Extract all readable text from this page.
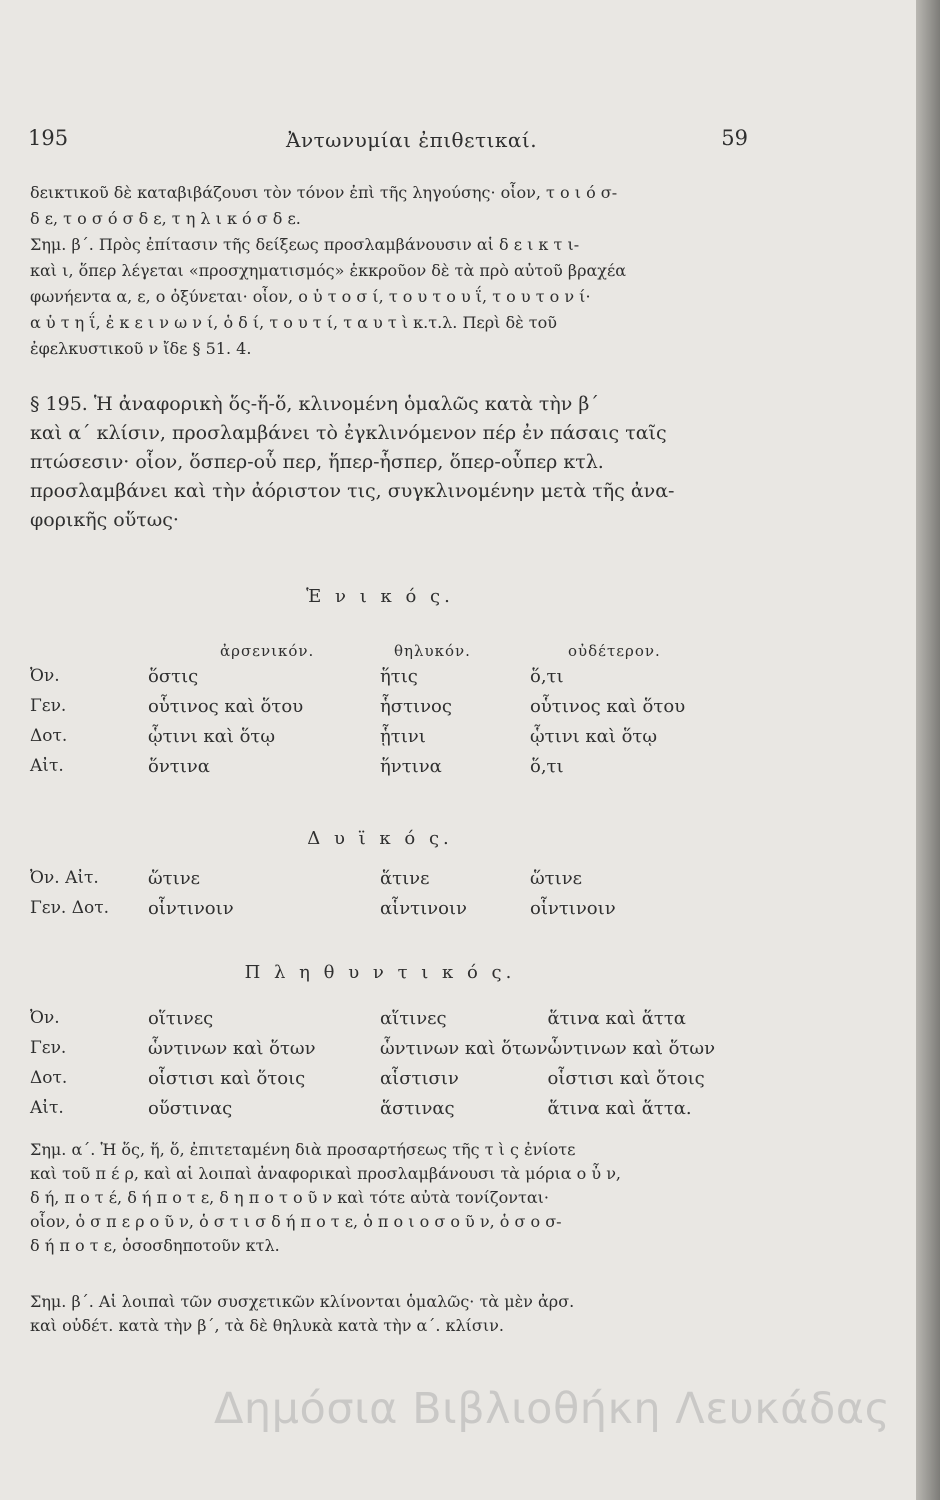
195	Ἀντωνυμίαι ἐπιθετικαί.	59

δεικτικοῦ δὲ καταβιβάζουσι τὸν τόνον ἐπὶ τῆς ληγούσης· οἷον, τ ο ι ό σ-

δ ε, τ ο σ ό σ δ ε, τ η λ ι κ ό σ δ ε.

Σημ. β΄. Πρὸς ἐπίτασιν τῆς δείξεως προσλαμβάνουσιν αἱ δ ε ι κ τ ι-

καὶ ι, ὅπερ λέγεται «προσχηματισμός» ἐκκροῦον δὲ τὰ πρὸ αὐτοῦ βραχέα

φωνήεντα α, ε, ο ὀξύνεται· οἷον, ο ὑ τ ο σ ί, τ ο υ τ ο υ ΐ, τ ο υ τ ο ν ί·

α ὑ τ η ΐ, ἐ κ ε ι ν ω ν ί, ὁ δ ί, τ ο υ τ ί, τ α υ τ ὶ κ.τ.λ. Περὶ δὲ τοῦ

ἐφελκυστικοῦ ν ἴδε § 51. 4.

§ 195. Ἡ ἀναφορικὴ ὅς-ἥ-ὅ, κλινομένη ὁμαλῶς κατὰ τὴν β΄

καὶ α΄ κλίσιν, προσλαμβάνει τὸ ἐγκλινόμενον πέρ ἐν πάσαις ταῖς

πτώσεσιν· οἷον, ὅσπερ-οὗ περ, ἥπερ-ἧσπερ, ὅπερ-οὗπερ κτλ.

προσλαμβάνει καὶ τὴν ἀόριστον τις, συγκλινομένην μετὰ τῆς ἀνα-

φορικῆς οὕτως·

Ἑ ν ι κ ό ς.
ἀρσενικόν.	θηλυκόν.	οὐδέτερον.
Ὀν.	ὅστις	ἥτις	ὅ,τι
Γεν.	οὗτινος καὶ ὅτου	ἧστινος	οὗτινος καὶ ὅτου
Δοτ.	ᾧτινι καὶ ὅτῳ	ᾗτινι	ᾧτινι καὶ ὅτῳ
Αἰτ.	ὅντινα	ἥντινα	ὅ,τι
Δ υ ϊ κ ό ς.
Ὀν. Αἰτ.	ὥτινε	ἅτινε	ὥτινε
Γεν. Δοτ.	οἷντινοιν	αἷντινοιν	οἷντινοιν
Π λ η θ υ ν τ ι κ ό ς.
Ὀν.	οἵτινες	αἵτινες	ἅτινα καὶ ἅττα
Γεν.	ὧντινων καὶ ὅτων	ὧντινων καὶ ὅτων	ὧντινων καὶ ὅτων
Δοτ.	οἷστισι καὶ ὅτοις	αἷστισιν	οἷστισι καὶ ὅτοις
Αἰτ.	οὕστινας	ἅστινας	ἅτινα καὶ ἅττα.

Σημ. α΄. Ἡ ὅς, ἥ, ὅ, ἐπιτεταμένη διὰ προσαρτήσεως τῆς τ ὶ ς ἐνίοτε

καὶ τοῦ π έ ρ, καὶ αἱ λοιπαὶ ἀναφορικαὶ προσλαμβάνουσι τὰ μόρια ο ὖ ν,

δ ή, π ο τ έ, δ ή π ο τ ε, δ η π ο τ ο ῦ ν καὶ τότε αὐτὰ τονίζονται·

οἷον, ὁ σ π ε ρ ο ῦ ν, ὁ σ τ ι σ δ ή π ο τ ε, ὁ π ο ι ο σ ο ῦ ν, ὁ σ ο σ-

δ ή π ο τ ε, ὁσοσδηποτοῦν κτλ.

Σημ. β΄. Αἱ λοιπαὶ τῶν συσχετικῶν κλίνονται ὁμαλῶς· τὰ μὲν ἀρσ.

καὶ οὐδέτ. κατὰ τὴν β΄, τὰ δὲ θηλυκὰ κατὰ τὴν α΄. κλίσιν.

Δημόσια Βιβλιοθήκη Λευκάδας
